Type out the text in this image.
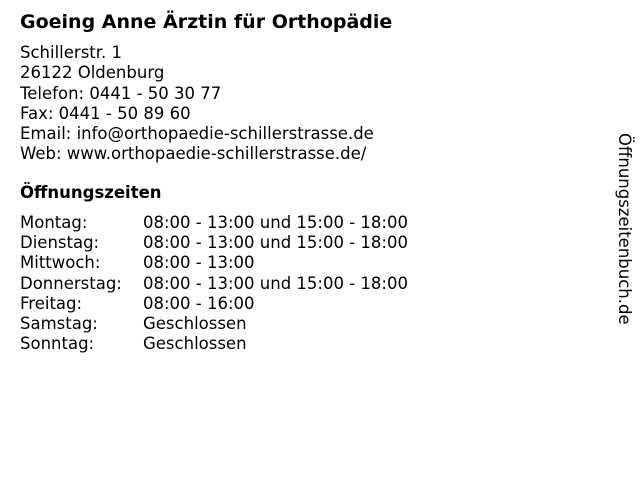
Goeing Anne Ärztin für Orthopädie
Schillerstr. 1
26122 Oldenburg
Telefon: 0441 - 50 30 77
Fax: 0441 - 50 89 60
Email: info@orthopaedie-schillerstrasse.de
Web: www.orthopaedie-schillerstrasse.de/
Öffnungszeiten
Montag:	08:00 - 13:00 und 15:00 - 18:00
Dienstag:	08:00 - 13:00 und 15:00 - 18:00
Mittwoch:	08:00 - 13:00
Donnerstag: 08:00 - 13:00 und 15:00 - 18:00
Freitag:	08:00 - 16:00
Samstag:	Geschlossen
Sonntag:	Geschlossen
Öffnungszeitenbuch.de
